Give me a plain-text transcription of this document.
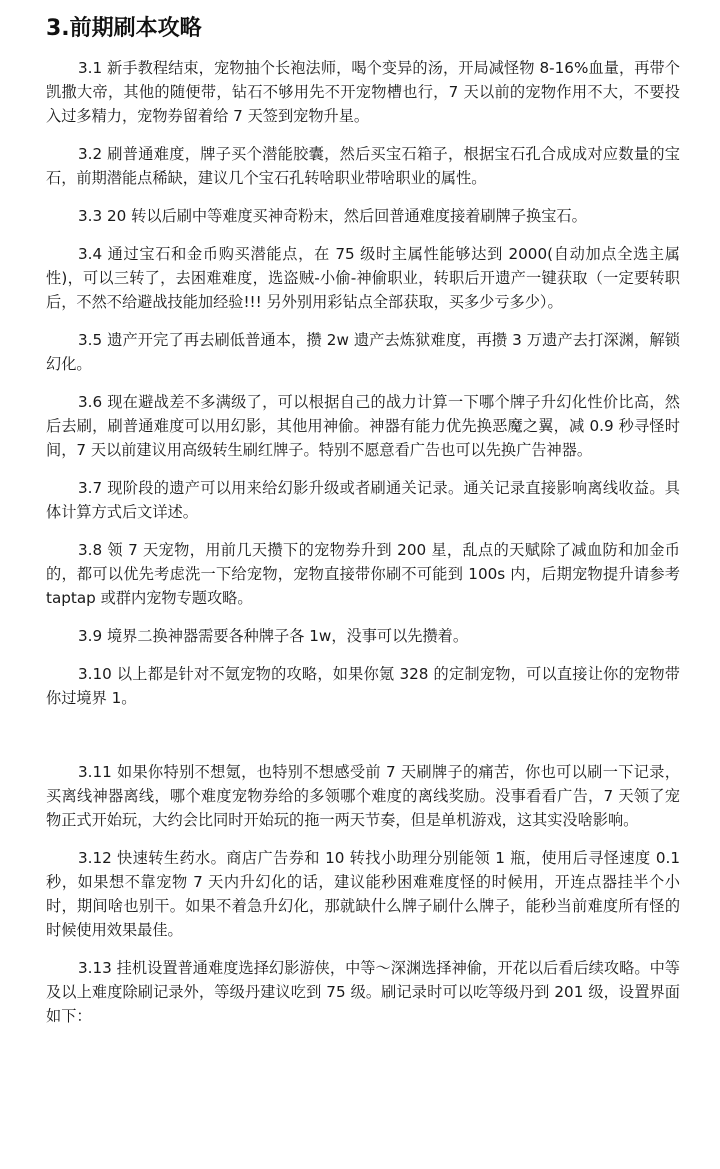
3.前期刷本攻略
3.1 新手教程结束，宠物抽个长袍法师，喝个变异的汤，开局减怪物 8-16%血量，再带个凯撒大帝，其他的随便带，钻石不够用先不开宠物槽也行，7 天以前的宠物作用不大，不要投入过多精力，宠物券留着给 7 天签到宠物升星。
3.2 刷普通难度，牌子买个潜能胶囊，然后买宝石箱子，根据宝石孔合成成对应数量的宝石，前期潜能点稀缺，建议几个宝石孔转啥职业带啥职业的属性。
3.3 20 转以后刷中等难度买神奇粉末，然后回普通难度接着刷牌子换宝石。
3.4 通过宝石和金币购买潜能点，在 75 级时主属性能够达到 2000(自动加点全选主属性)，可以三转了，去困难难度，选盗贼-小偷-神偷职业，转职后开遗产一键获取（一定要转职后，不然不给避战技能加经验!!! 另外别用彩钻点全部获取，买多少亏多少）。
3.5 遗产开完了再去刷低普通本，攒 2w 遗产去炼狱难度，再攒 3 万遗产去打深渊，解锁幻化。
3.6 现在避战差不多满级了，可以根据自己的战力计算一下哪个牌子升幻化性价比高，然后去刷，刷普通难度可以用幻影，其他用神偷。神器有能力优先换恶魔之翼，减 0.9 秒寻怪时间，7 天以前建议用高级转生刷红牌子。特别不愿意看广告也可以先换广告神器。
3.7 现阶段的遗产可以用来给幻影升级或者刷通关记录。通关记录直接影响离线收益。具体计算方式后文详述。
3.8 领 7 天宠物，用前几天攒下的宠物券升到 200 星，乱点的天赋除了减血防和加金币的，都可以优先考虑洗一下给宠物，宠物直接带你刷不可能到 100s 内，后期宠物提升请参考 taptap 或群内宠物专题攻略。
3.9 境界二换神器需要各种牌子各 1w，没事可以先攒着。
3.10 以上都是针对不氪宠物的攻略，如果你氪 328 的定制宠物，可以直接让你的宠物带你过境界 1。
3.11 如果你特别不想氪，也特别不想感受前 7 天刷牌子的痛苦，你也可以刷一下记录，买离线神器离线，哪个难度宠物券给的多领哪个难度的离线奖励。没事看看广告，7 天领了宠物正式开始玩，大约会比同时开始玩的拖一两天节奏，但是单机游戏，这其实没啥影响。
3.12 快速转生药水。商店广告券和 10 转找小助理分别能领 1 瓶，使用后寻怪速度 0.1 秒，如果想不靠宠物 7 天内升幻化的话，建议能秒困难难度怪的时候用，开连点器挂半个小时，期间啥也别干。如果不着急升幻化，那就缺什么牌子刷什么牌子，能秒当前难度所有怪的时候使用效果最佳。
3.13 挂机设置普通难度选择幻影游侠，中等～深渊选择神偷，开花以后看后续攻略。中等及以上难度除刷记录外，等级丹建议吃到 75 级。刷记录时可以吃等级丹到 201 级，设置界面如下：
